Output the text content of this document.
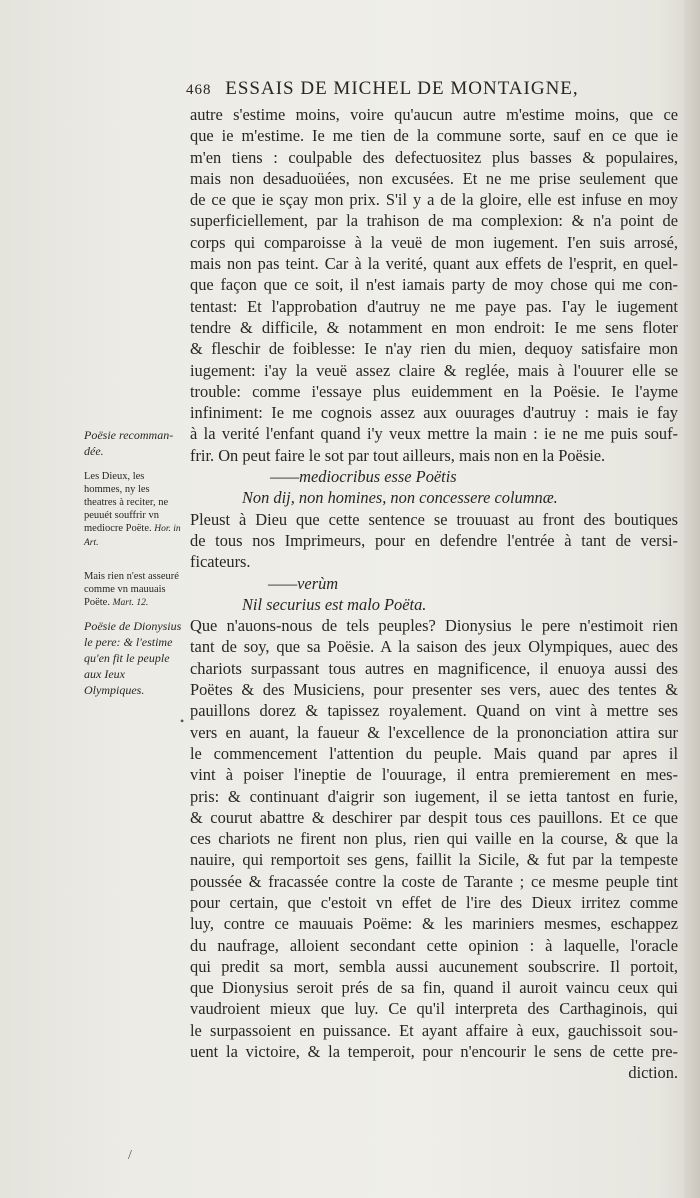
468 ESSAIS DE MICHEL DE MONTAIGNE,
autre s'estime moins, voire qu'aucun autre m'estime moins, que ce
que ie m'estime. Ie me tien de la commune sorte, sauf en ce que ie
m'en tiens : coulpable des defectuositez plus basses & populaires,
mais non desaduoüées, non excusées. Et ne me prise seulement que
de ce que ie sçay mon prix. S'il y a de la gloire, elle est infuse en moy
superficiellement, par la trahison de ma complexion: & n'a point de
corps qui comparoisse à la veuë de mon iugement. I'en suis arrosé,
mais non pas teint. Car à la verité, quant aux effets de l'esprit, en quel-
que façon que ce soit, il n'est iamais party de moy chose qui me con-
tentast: Et l'approbation d'autruy ne me paye pas. I'ay le iugement
tendre & difficile, & notamment en mon endroit: Ie me sens floter
& fleschir de foiblesse: Ie n'ay rien du mien, dequoy satisfaire mon
iugement: i'ay la veuë assez claire & reglée, mais à l'ouurer elle se
trouble: comme i'essaye plus euidemment en la Poësie. Ie l'ayme
infiniment: Ie me cognois assez aux ouurages d'autruy : mais ie fay
à la verité l'enfant quand i'y veux mettre la main : ie ne me puis souf-
frir. On peut faire le sot par tout ailleurs, mais non en la Poësie.
——mediocribus esse Poëtis
Non dij, non homines, non concessere columnæ.
Pleust à Dieu que cette sentence se trouuast au front des boutiques
de tous nos Imprimeurs, pour en defendre l'entrée à tant de versi-
ficateurs.
——verùm
Nil securius est malo Poëta.
Que n'auons-nous de tels peuples? Dionysius le pere n'estimoit rien
tant de soy, que sa Poësie. A la saison des jeux Olympiques, auec des
chariots surpassant tous autres en magnificence, il enuoya aussi des
Poëtes & des Musiciens, pour presenter ses vers, auec des tentes &
pauillons dorez & tapissez royalement. Quand on vint à mettre ses
vers en auant, la faueur & l'excellence de la prononciation attira sur
le commencement l'attention du peuple. Mais quand par apres il
vint à poiser l'ineptie de l'ouurage, il entra premierement en mes-
pris: & continuant d'aigrir son iugement, il se ietta tantost en furie,
& courut abattre & deschirer par despit tous ces pauillons. Et ce que
ces chariots ne firent non plus, rien qui vaille en la course, & que la
nauire, qui remportoit ses gens, faillit la Sicile, & fut par la tempeste
poussée & fracassée contre la coste de Tarante ; ce mesme peuple tint
pour certain, que c'estoit vn effet de l'ire des Dieux irritez comme
luy, contre ce mauuais Poëme: & les mariniers mesmes, eschappez
du naufrage, alloient secondant cette opinion : à laquelle, l'oracle
qui predit sa mort, sembla aussi aucunement soubscrire. Il portoit,
que Dionysius seroit prés de sa fin, quand il auroit vaincu ceux qui
vaudroient mieux que luy. Ce qu'il interpreta des Carthaginois, qui
le surpassoient en puissance. Et ayant affaire à eux, gauchissoit sou-
uent la victoire, & la temperoit, pour n'encourir le sens de cette pre-
diction.
Poësie recomman-dée.
Les Dieux, les hommes, ny les theatres à reciter, ne peuuét souffrir vn mediocre Poëte. Hor. in Art.
Mais rien n'est asseuré comme vn mauuais Poëte. Mart. 12.
Poësie de Dionysius le pere: & l'estime qu'en fit le peuple aux Ieux Olympiques.
•
/
